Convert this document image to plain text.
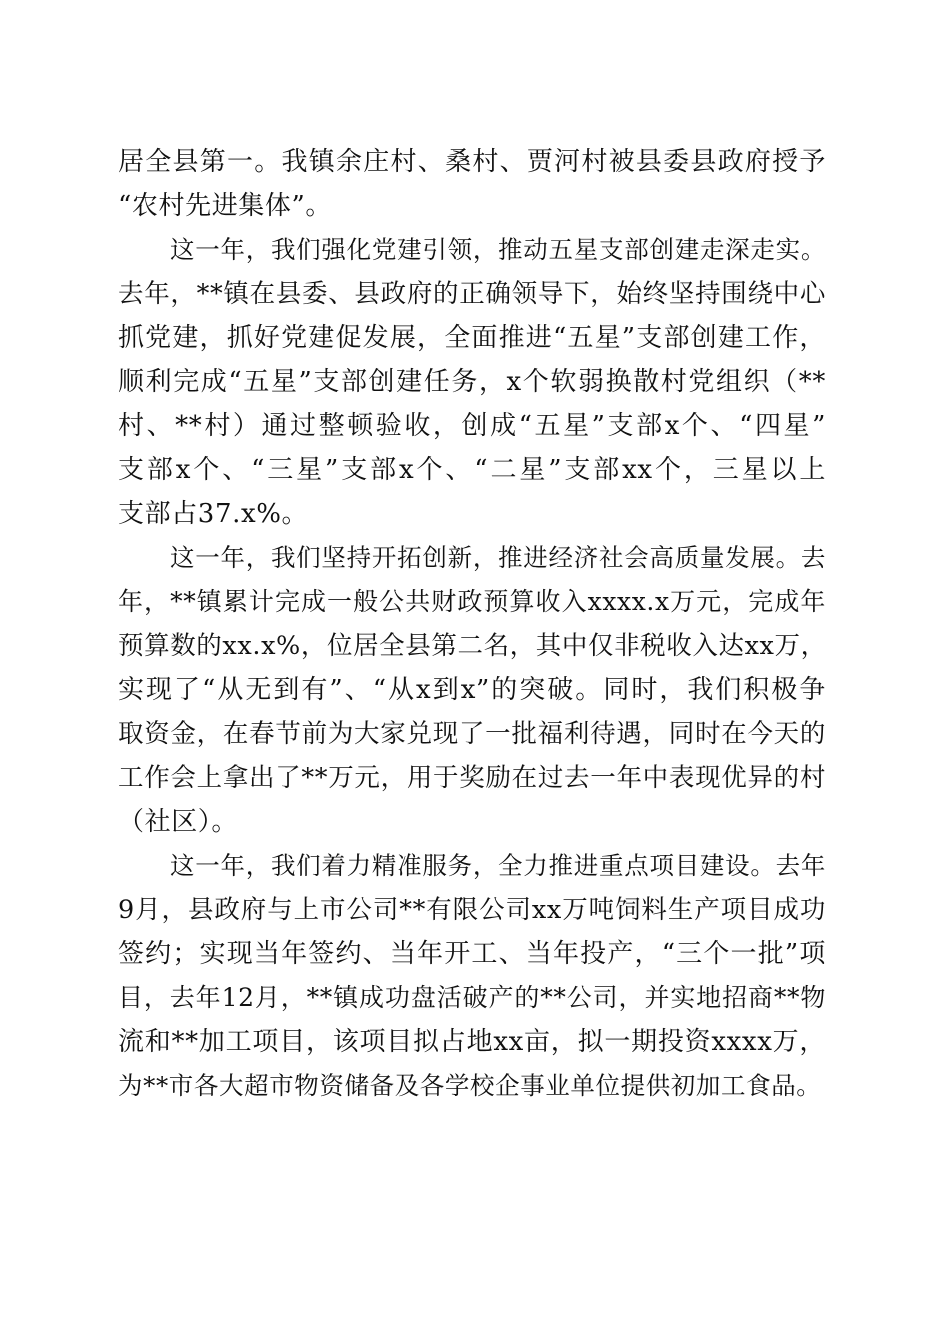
居全县第一。我镇余庄村、桑村、贾河村被县委县政府授予
“农村先进集体”。

这一年，我们强化党建引领，推动五星支部创建走深走实。
去年，**镇在县委、县政府的正确领导下，始终坚持围绕中心
抓党建，抓好党建促发展，全面推进“五星”支部创建工作，
顺利完成“五星”支部创建任务，x个软弱换散村党组织（**
村、**村）通过整顿验收，创成“五星”支部x个、“四星”
支部x个、“三星”支部x个、“二星”支部xx个，三星以上
支部占37.x%。

这一年，我们坚持开拓创新，推进经济社会高质量发展。去
年，**镇累计完成一般公共财政预算收入xxxx.x万元，完成年
预算数的xx.x%，位居全县第二名，其中仅非税收入达xx万，
实现了“从无到有”、“从x到x”的突破。同时，我们积极争
取资金，在春节前为大家兑现了一批福利待遇，同时在今天的
工作会上拿出了**万元，用于奖励在过去一年中表现优异的村
（社区）。

这一年，我们着力精准服务，全力推进重点项目建设。去年
9月，县政府与上市公司**有限公司xx万吨饲料生产项目成功
签约；实现当年签约、当年开工、当年投产，“三个一批”项
目，去年12月，**镇成功盘活破产的**公司，并实地招商**物
流和**加工项目，该项目拟占地xx亩，拟一期投资xxxx万，
为**市各大超市物资储备及各学校企事业单位提供初加工食品。
